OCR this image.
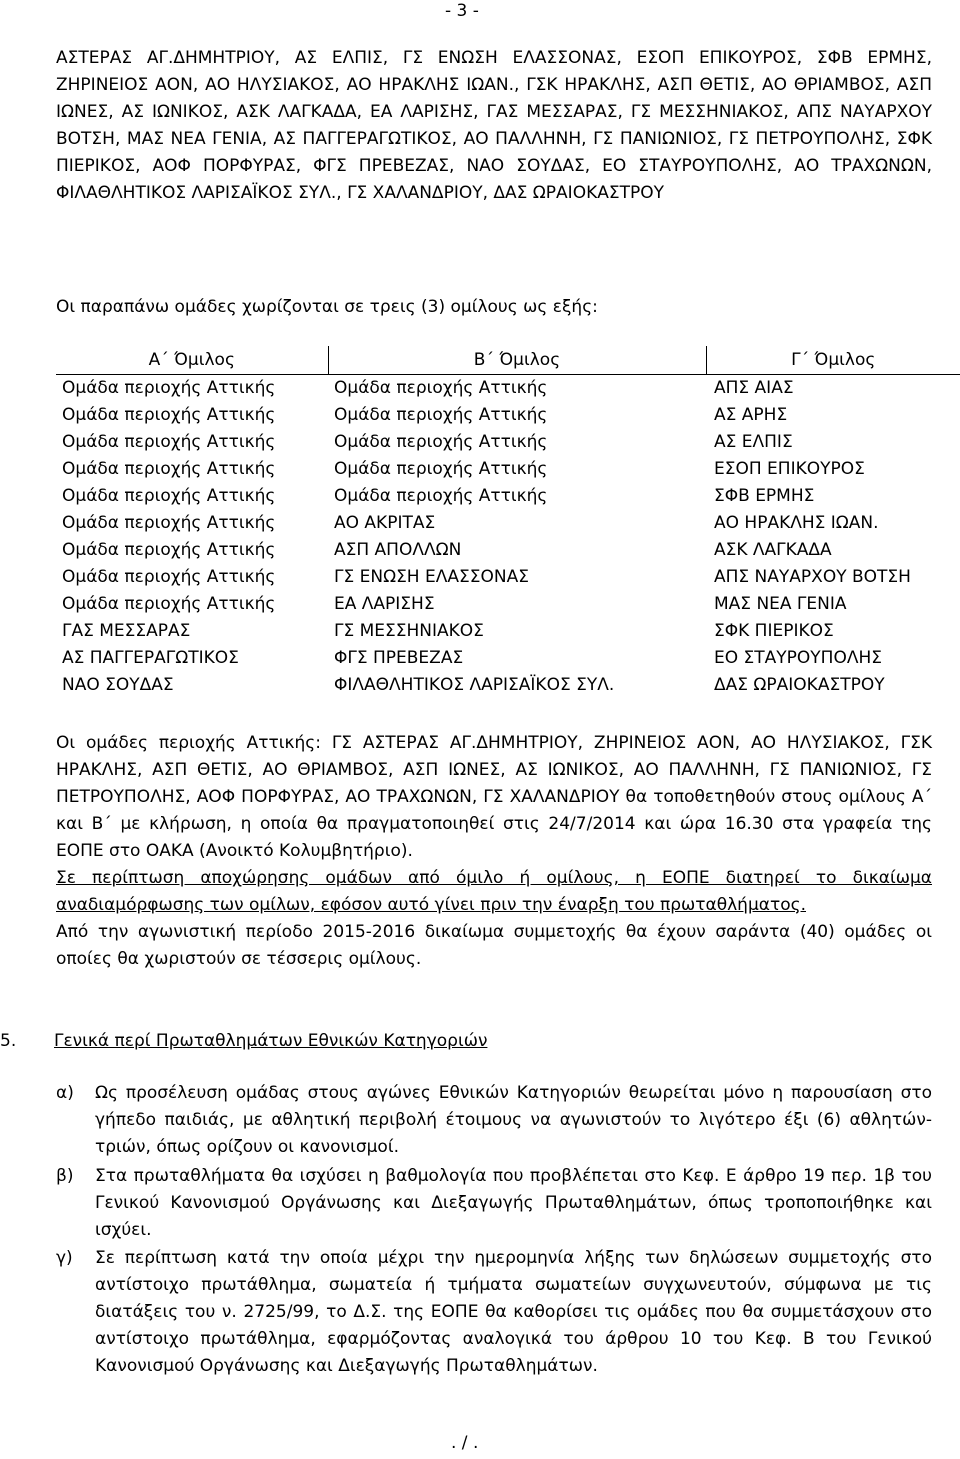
- 3 -

ΑΣΤΕΡΑΣ ΑΓ.ΔΗΜΗΤΡΙΟΥ, ΑΣ ΕΛΠΙΣ, ΓΣ ΕΝΩΣΗ ΕΛΑΣΣΟΝΑΣ, ΕΣΟΠ ΕΠΙΚΟΥΡΟΣ, ΣΦΒ ΕΡΜΗΣ, ΖΗΡΙΝΕΙΟΣ ΑΟΝ, ΑΟ ΗΛΥΣΙΑΚΟΣ, ΑΟ ΗΡΑΚΛΗΣ ΙΩΑΝ., ΓΣΚ ΗΡΑΚΛΗΣ, ΑΣΠ ΘΕΤΙΣ, ΑΟ ΘΡΙΑΜΒΟΣ, ΑΣΠ ΙΩΝΕΣ, ΑΣ ΙΩΝΙΚΟΣ, ΑΣΚ ΛΑΓΚΑΔΑ, ΕΑ ΛΑΡΙΣΗΣ, ΓΑΣ ΜΕΣΣΑΡΑΣ, ΓΣ ΜΕΣΣΗΝΙΑΚΟΣ, ΑΠΣ ΝΑΥΑΡΧΟΥ ΒΟΤΣΗ, ΜΑΣ ΝΕΑ ΓΕΝΙΑ, ΑΣ ΠΑΓΓΕΡΑΓΩΤΙΚΟΣ, ΑΟ ΠΑΛΛΗΝΗ, ΓΣ ΠΑΝΙΩΝΙΟΣ, ΓΣ ΠΕΤΡΟΥΠΟΛΗΣ, ΣΦΚ ΠΙΕΡΙΚΟΣ, ΑΟΦ ΠΟΡΦΥΡΑΣ, ΦΓΣ ΠΡΕΒΕΖΑΣ, ΝΑΟ ΣΟΥΔΑΣ, ΕΟ ΣΤΑΥΡΟΥΠΟΛΗΣ, ΑΟ ΤΡΑΧΩΝΩΝ, ΦΙΛΑΘΛΗΤΙΚΟΣ ΛΑΡΙΣΑΪΚΟΣ ΣΥΛ., ΓΣ ΧΑΛΑΝΔΡΙΟΥ, ΔΑΣ ΩΡΑΙΟΚΑΣΤΡΟΥ

Οι παραπάνω ομάδες χωρίζονται σε τρεις (3) ομίλους ως εξής:

Α΄ Όμιλος	Β΄ Όμιλος	Γ΄ Όμιλος
Ομάδα περιοχής Αττικής	Ομάδα περιοχής Αττικής	ΑΠΣ ΑΙΑΣ
Ομάδα περιοχής Αττικής	Ομάδα περιοχής Αττικής	ΑΣ ΑΡΗΣ
Ομάδα περιοχής Αττικής	Ομάδα περιοχής Αττικής	ΑΣ ΕΛΠΙΣ
Ομάδα περιοχής Αττικής	Ομάδα περιοχής Αττικής	ΕΣΟΠ ΕΠΙΚΟΥΡΟΣ
Ομάδα περιοχής Αττικής	Ομάδα περιοχής Αττικής	ΣΦΒ ΕΡΜΗΣ
Ομάδα περιοχής Αττικής	ΑΟ ΑΚΡΙΤΑΣ	ΑΟ ΗΡΑΚΛΗΣ ΙΩΑΝ.
Ομάδα περιοχής Αττικής	ΑΣΠ ΑΠΟΛΛΩΝ	ΑΣΚ ΛΑΓΚΑΔΑ
Ομάδα περιοχής Αττικής	ΓΣ ΕΝΩΣΗ ΕΛΑΣΣΟΝΑΣ	ΑΠΣ ΝΑΥΑΡΧΟΥ ΒΟΤΣΗ
Ομάδα περιοχής Αττικής	ΕΑ ΛΑΡΙΣΗΣ	ΜΑΣ ΝΕΑ ΓΕΝΙΑ
ΓΑΣ ΜΕΣΣΑΡΑΣ	ΓΣ ΜΕΣΣΗΝΙΑΚΟΣ	ΣΦΚ ΠΙΕΡΙΚΟΣ
ΑΣ ΠΑΓΓΕΡΑΓΩΤΙΚΟΣ	ΦΓΣ ΠΡΕΒΕΖΑΣ	ΕΟ ΣΤΑΥΡΟΥΠΟΛΗΣ
ΝΑΟ ΣΟΥΔΑΣ	ΦΙΛΑΘΛΗΤΙΚΟΣ ΛΑΡΙΣΑΪΚΟΣ ΣΥΛ.	ΔΑΣ ΩΡΑΙΟΚΑΣΤΡΟΥ

Οι ομάδες περιοχής Αττικής: ΓΣ ΑΣΤΕΡΑΣ ΑΓ.ΔΗΜΗΤΡΙΟΥ, ΖΗΡΙΝΕΙΟΣ ΑΟΝ, ΑΟ ΗΛΥΣΙΑΚΟΣ, ΓΣΚ ΗΡΑΚΛΗΣ, ΑΣΠ ΘΕΤΙΣ, ΑΟ ΘΡΙΑΜΒΟΣ, ΑΣΠ ΙΩΝΕΣ, ΑΣ ΙΩΝΙΚΟΣ, ΑΟ ΠΑΛΛΗΝΗ, ΓΣ ΠΑΝΙΩΝΙΟΣ, ΓΣ ΠΕΤΡΟΥΠΟΛΗΣ, ΑΟΦ ΠΟΡΦΥΡΑΣ, ΑΟ ΤΡΑΧΩΝΩΝ, ΓΣ ΧΑΛΑΝΔΡΙΟΥ θα τοποθετηθούν στους ομίλους Α΄ και Β΄ με κλήρωση, η οποία θα πραγματοποιηθεί στις 24/7/2014 και ώρα 16.30 στα γραφεία της ΕΟΠΕ στο ΟΑΚΑ (Ανοικτό Κολυμβητήριο).
Σε περίπτωση αποχώρησης ομάδων από όμιλο ή ομίλους, η ΕΟΠΕ διατηρεί το δικαίωμα αναδιαμόρφωσης των ομίλων, εφόσον αυτό γίνει πριν την έναρξη του πρωταθλήματος.
Από την αγωνιστική περίοδο 2015-2016 δικαίωμα συμμετοχής θα έχουν σαράντα (40) ομάδες οι οποίες θα χωριστούν σε τέσσερις ομίλους.

5. Γενικά περί Πρωταθλημάτων Εθνικών Κατηγοριών
α) Ως προσέλευση ομάδας στους αγώνες Εθνικών Κατηγοριών θεωρείται μόνο η παρουσίαση στο γήπεδο παιδιάς, με αθλητική περιβολή έτοιμους να αγωνιστούν το λιγότερο έξι (6) αθλητών-τριών, όπως ορίζουν οι κανονισμοί.
β) Στα πρωταθλήματα θα ισχύσει η βαθμολογία που προβλέπεται στο Κεφ. Ε άρθρο 19 περ. 1β του Γενικού Κανονισμού Οργάνωσης και Διεξαγωγής Πρωταθλημάτων, όπως τροποποιήθηκε και ισχύει.
γ) Σε περίπτωση κατά την οποία μέχρι την ημερομηνία λήξης των δηλώσεων συμμετοχής στο αντίστοιχο πρωτάθλημα, σωματεία ή τμήματα σωματείων συγχωνευτούν, σύμφωνα με τις διατάξεις του ν. 2725/99, το Δ.Σ. της ΕΟΠΕ θα καθορίσει τις ομάδες που θα συμμετάσχουν στο αντίστοιχο πρωτάθλημα, εφαρμόζοντας αναλογικά του άρθρου 10 του Κεφ. Β του Γενικού Κανονισμού Οργάνωσης και Διεξαγωγής Πρωταθλημάτων.
. / .
